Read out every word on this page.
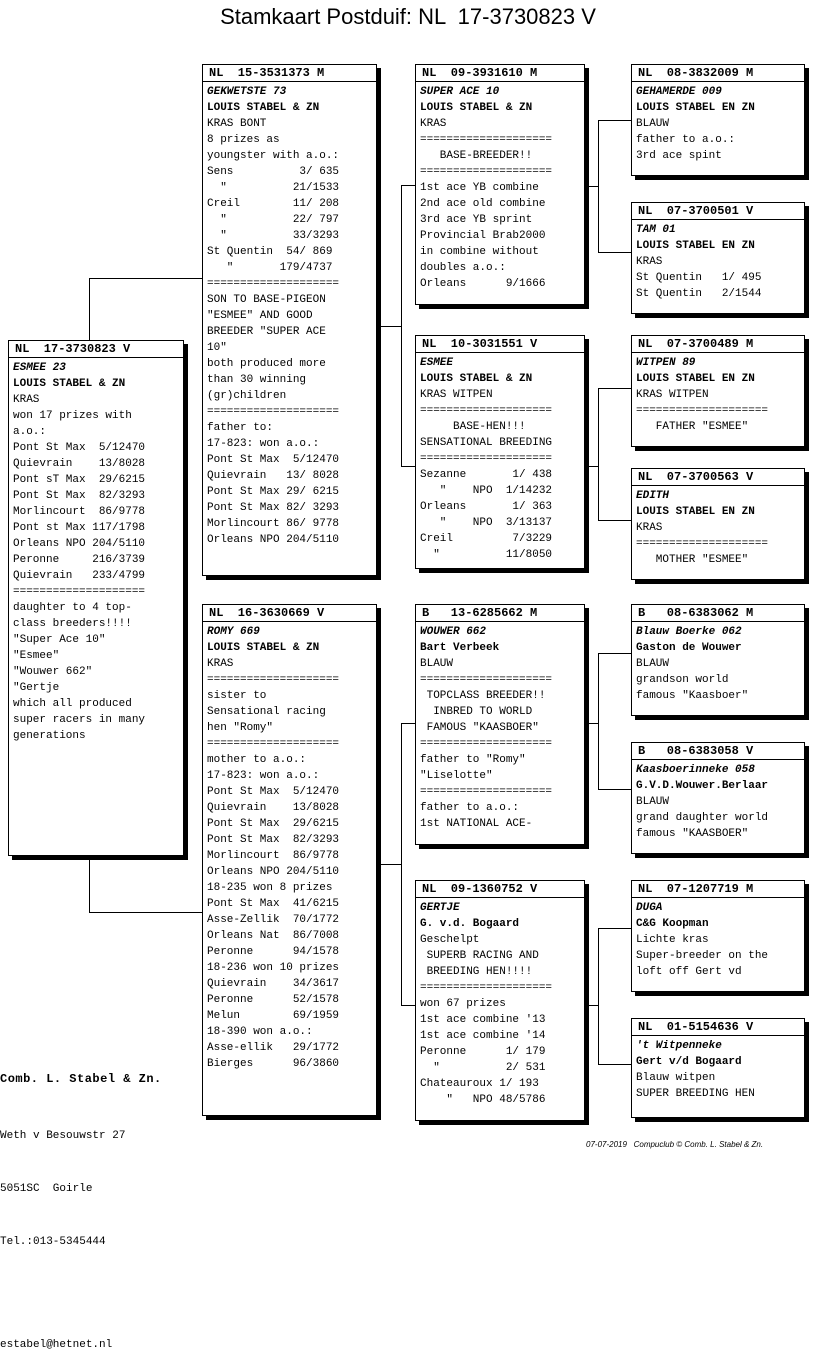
Stamkaart Postduif: NL  17-3730823 V
NL  17-3730823 V
ESMEE 23
LOUIS STABEL & ZN
KRAS
won 17 prizes with
a.o.:
Pont St Max  5/12470
Quievrain    13/8028
Pont sT Max  29/6215
Pont St Max  82/3293
Morlincourt  86/9778
Pont st Max 117/1798
Orleans NPO 204/5110
Peronne     216/3739
Quievrain   233/4799
====================
daughter to 4 top-
class breeders!!!!
"Super Ace 10"
"Esmee"
"Wouwer 662"
"Gertje
which all produced
super racers in many
generations
NL  15-3531373 M
GEKWETSTE 73
LOUIS STABEL & ZN
KRAS BONT
8 prizes as
youngster with a.o.:
Sens          3/ 635
"          21/1533
Creil        11/ 208
"          22/ 797
"          33/3293
St Quentin  54/ 869
"       179/4737
====================
SON TO BASE-PIGEON
"ESMEE" AND GOOD
BREEDER "SUPER ACE
10"
both produced more
than 30 winning
(gr)children
====================
father to:
17-823: won a.o.:
Pont St Max  5/12470
Quievrain   13/ 8028
Pont St Max 29/ 6215
Pont St Max 82/ 3293
Morlincourt 86/ 9778
Orleans NPO 204/5110
NL  16-3630669 V
ROMY 669
LOUIS STABEL & ZN
KRAS
====================
sister to
Sensational racing
hen "Romy"
====================
mother to a.o.:
17-823: won a.o.:
Pont St Max  5/12470
Quievrain    13/8028
Pont St Max  29/6215
Pont St Max  82/3293
Morlincourt  86/9778
Orleans NPO 204/5110
18-235 won 8 prizes
Pont St Max  41/6215
Asse-Zellik  70/1772
Orleans Nat  86/7008
Peronne      94/1578
18-236 won 10 prizes
Quievrain    34/3617
Peronne      52/1578
Melun        69/1959
18-390 won a.o.:
Asse-ellik   29/1772
Bierges      96/3860
NL  09-3931610 M
SUPER ACE 10
LOUIS STABEL & ZN
KRAS
====================
BASE-BREEDER!!
====================
1st ace YB combine
2nd ace old combine
3rd ace YB sprint
Provincial Brab2000
in combine without
doubles a.o.:
Orleans      9/1666
NL  10-3031551 V
ESMEE
LOUIS STABEL & ZN
KRAS WITPEN
====================
BASE-HEN!!!
SENSATIONAL BREEDING
====================
Sezanne       1/ 438
"    NPO  1/14232
Orleans       1/ 363
"    NPO  3/13137
Creil         7/3229
"          11/8050
B   13-6285662 M
WOUWER 662
Bart Verbeek
BLAUW
====================
TOPCLASS BREEDER!!
INBRED TO WORLD
FAMOUS "KAASBOER"
====================
father to "Romy"
"Liselotte"
====================
father to a.o.:
1st NATIONAL ACE-
NL  09-1360752 V
GERTJE
G. v.d. Bogaard
Geschelpt
SUPERB RACING AND
BREEDING HEN!!!!
====================
won 67 prizes
1st ace combine '13
1st ace combine '14
Peronne      1/ 179
"          2/ 531
Chateauroux 1/ 193
"   NPO 48/5786
NL  08-3832009 M
GEHAMERDE 009
LOUIS STABEL EN ZN
BLAUW
father to a.o.:
3rd ace spint
NL  07-3700501 V
TAM 01
LOUIS STABEL EN ZN
KRAS
St Quentin   1/ 495
St Quentin   2/1544
NL  07-3700489 M
WITPEN 89
LOUIS STABEL EN ZN
KRAS WITPEN
====================
FATHER "ESMEE"
NL  07-3700563 V
EDITH
LOUIS STABEL EN ZN
KRAS
====================
MOTHER "ESMEE"
B   08-6383062 M
Blauw Boerke 062
Gaston de Wouwer
BLAUW
grandson world
famous "Kaasboer"
B   08-6383058 V
Kaasboerinneke 058
G.V.D.Wouwer.Berlaar
BLAUW
grand daughter world
famous "KAASBOER"
NL  07-1207719 M
DUGA
C&G Koopman
Lichte kras
Super-breeder on the
loft off Gert vd
NL  01-5154636 V
't Witpenneke
Gert v/d Bogaard
Blauw witpen
SUPER BREEDING HEN

Comb. L. Stabel & Zn.

Weth v Besouwstr 27

5051SC  Goirle

Tel.:013-5345444

estabel@hetnet.nl

07-07-2019   Compuclub © Comb. L. Stabel & Zn.
